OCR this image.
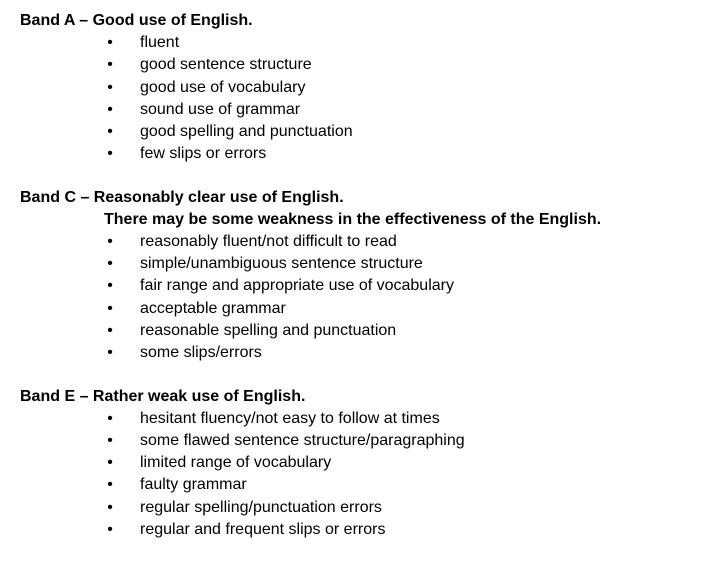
Band A – Good use of English.

•	fluent
•	good sentence structure
•	good use of vocabulary
•	sound use of grammar
•	good spelling and punctuation
•	few slips or errors

Band C – Reasonably clear use of English.

There may be some weakness in the effectiveness of the English.

•	reasonably fluent/not difficult to read
•	simple/unambiguous sentence structure
•	fair range and appropriate use of vocabulary
•	acceptable grammar
•	reasonable spelling and punctuation
•	some slips/errors

Band E – Rather weak use of English.

•	hesitant fluency/not easy to follow at times
•	some flawed sentence structure/paragraphing
•	limited range of vocabulary
•	faulty grammar
•	regular spelling/punctuation errors
•	regular and frequent slips or errors
